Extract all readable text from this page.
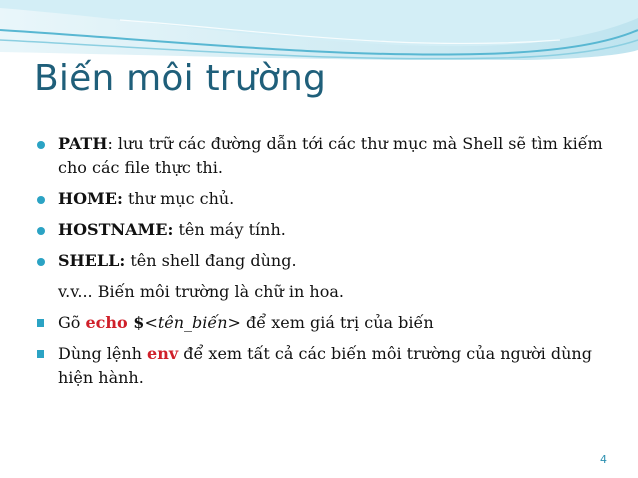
Biến môi trường
PATH: lưu trữ các đường dẫn tới các thư mục mà Shell sẽ tìm kiếm cho các file thực thi.
HOME: thư mục chủ.
HOSTNAME: tên máy tính.
SHELL: tên shell đang dùng.
v.v... Biến môi trường là chữ in hoa.
Gõ echo $<tên_biến> để xem giá trị của biến
Dùng lệnh env để xem tất cả các biến môi trường của người dùng hiện hành.
4
